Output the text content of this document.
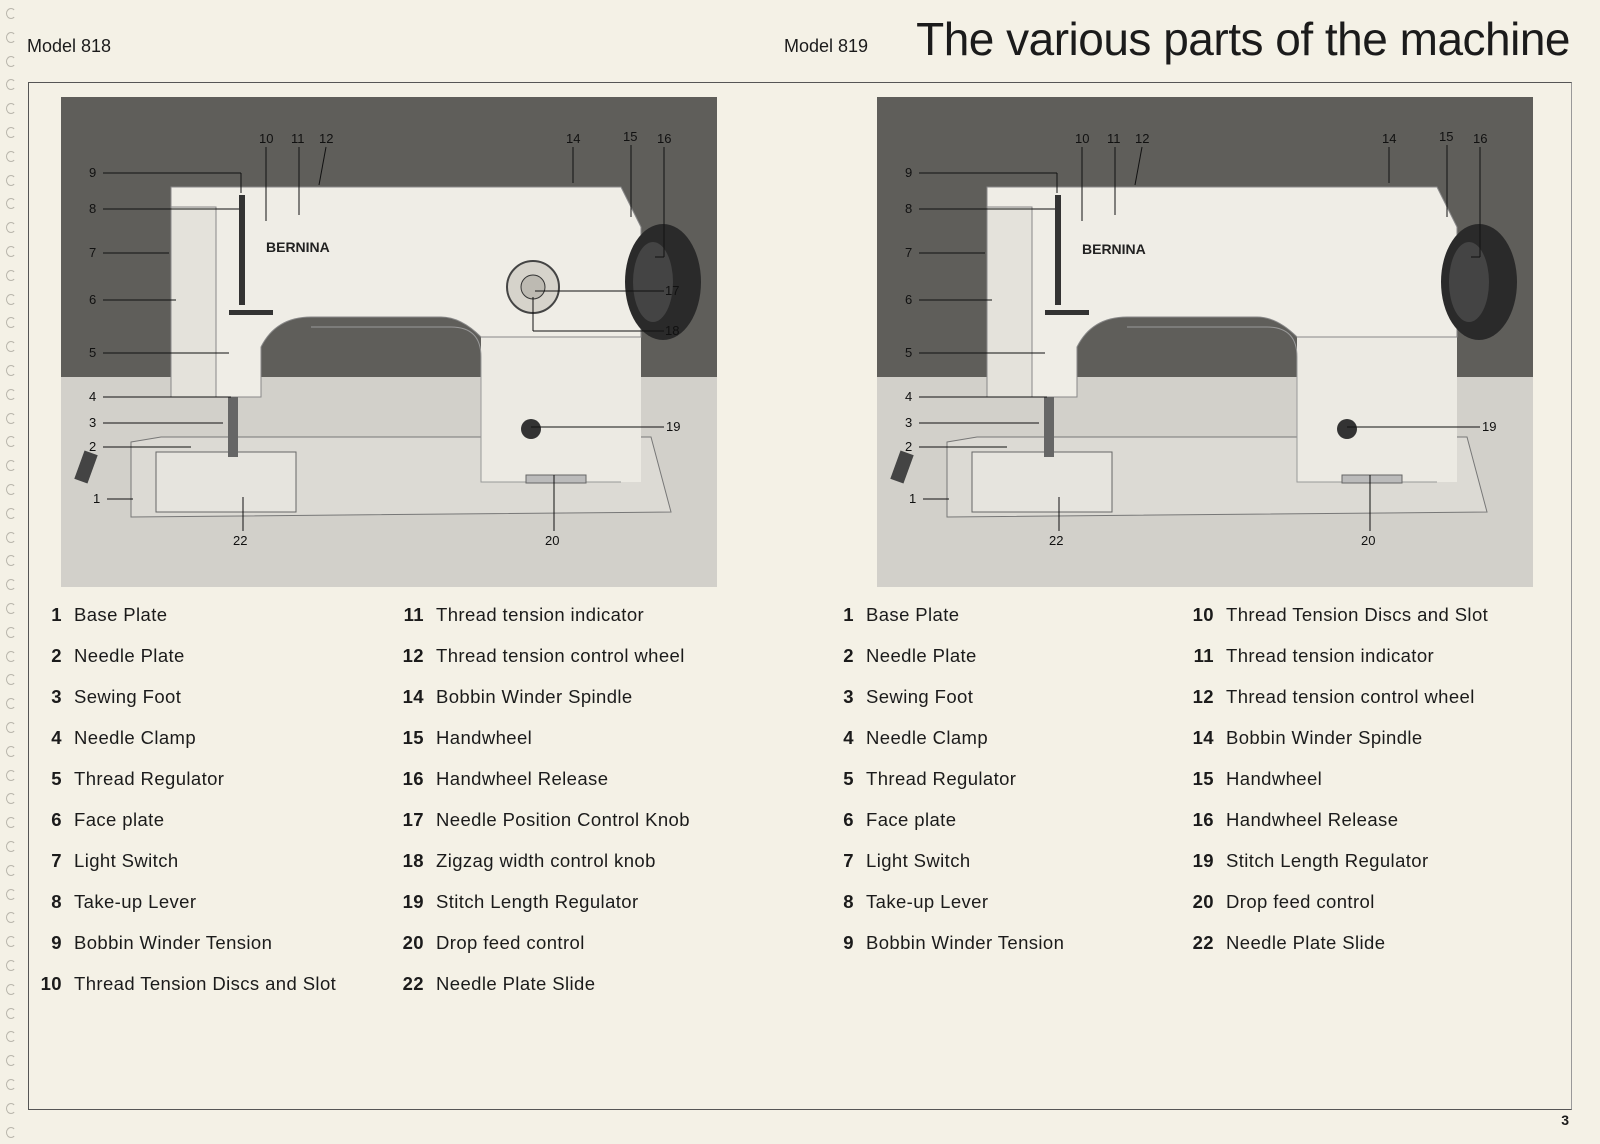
Model 818	Model 819 The various parts of the machine
BERNINA
9
8
7
6
5
4
3
2
1
10 11 12	14	15 16
17
18
19
20
22
BERNINA
9
8
7
6
5
4
3
2
1
10 11 12	14	15 16
19
20
22
1 Base Plate
2 Needle Plate
3 Sewing Foot
4 Needle Clamp
5 Thread Regulator
6 Face plate
7 Light Switch
8 Take-up Lever
9 Bobbin Winder Tension
10 Thread Tension Discs and Slot
11 Thread tension indicator
12 Thread tension control wheel
14 Bobbin Winder Spindle
15 Handwheel
16 Handwheel Release
17 Needle Position Control Knob
18 Zigzag width control knob
19 Stitch Length Regulator
20 Drop feed control
22 Needle Plate Slide
1 Base Plate
2 Needle Plate
3 Sewing Foot
4 Needle Clamp
5 Thread Regulator
6 Face plate
7 Light Switch
8 Take-up Lever
9 Bobbin Winder Tension
10 Thread Tension Discs and Slot
11 Thread tension indicator
12 Thread tension control wheel
14 Bobbin Winder Spindle
15 Handwheel
16 Handwheel Release
19 Stitch Length Regulator
20 Drop feed control
22 Needle Plate Slide
3
